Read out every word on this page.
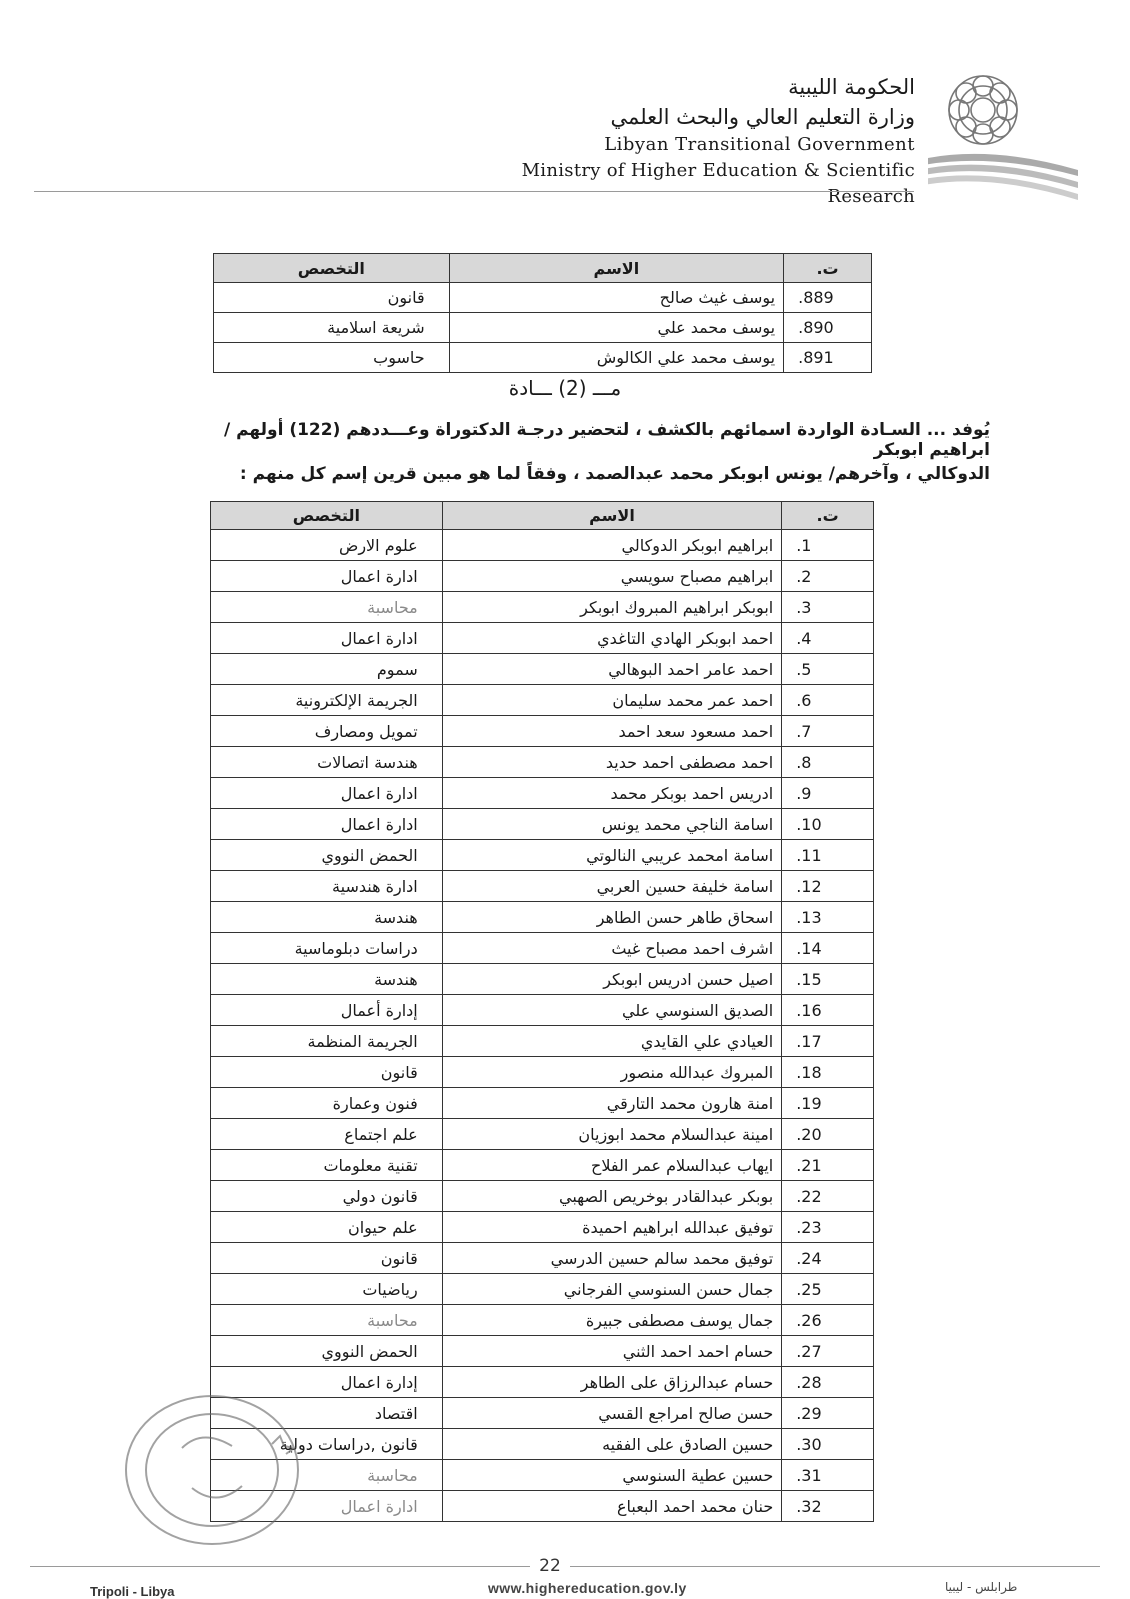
الحكومة الليبية
وزارة التعليم العالي والبحث العلمي
Libyan Transitional Government
Ministry of Higher Education & Scientific Research
ت.	الاسم	التخصص
.889	يوسف غيث صالح	قانون
.890	يوسف محمد علي	شريعة اسلامية
.891	يوسف محمد علي الكالوش	حاسوب
مـــ (2) ـــادة
يُوفد ... السـادة الواردة اسمائهم بالكشف ، لتحضير درجـة الدكتوراة وعـــددهم (122) أولهم / ابراهيم ابوبكر
الدوكالي ، وآخرهم/ يونس ابوبكر محمد عبدالصمد ، وفقاً لما هو مبين قرين إسم كل منهم :
ت.	الاسم	التخصص
.1	ابراهيم ابوبكر الدوكالي	علوم الارض
.2	ابراهيم مصباح سويسي	ادارة اعمال
.3	ابوبكر ابراهيم المبروك ابوبكر	محاسبة
.4	احمد ابوبكر الهادي التاغدي	ادارة اعمال
.5	احمد عامر احمد البوهالي	سموم
.6	احمد عمر محمد سليمان	الجريمة الإلكترونية
.7	احمد مسعود سعد احمد	تمويل ومصارف
.8	احمد مصطفى احمد حديد	هندسة اتصالات
.9	ادريس احمد بوبكر محمد	ادارة اعمال
.10	اسامة الناجي محمد يونس	ادارة اعمال
.11	اسامة امحمد عريبي النالوتي	الحمض النووي
.12	اسامة خليفة حسين العربي	ادارة هندسية
.13	اسحاق طاهر حسن الطاهر	هندسة
.14	اشرف احمد مصباح غيث	دراسات دبلوماسية
.15	اصيل حسن ادريس ابوبكر	هندسة
.16	الصديق السنوسي علي	إدارة أعمال
.17	العيادي علي القايدي	الجريمة المنظمة
.18	المبروك عبدالله منصور	قانون
.19	امنة هارون محمد التارقي	فنون وعمارة
.20	امينة عبدالسلام محمد ابوزيان	علم اجتماع
.21	ايهاب عبدالسلام عمر الفلاح	تقنية معلومات
.22	بوبكر عبدالقادر بوخريص الصهبي	قانون دولي
.23	توفيق عبدالله ابراهيم احميدة	علم حيوان
.24	توفيق محمد سالم حسين الدرسي	قانون
.25	جمال حسن السنوسي الفرجاني	رياضيات
.26	جمال يوسف مصطفى جبيرة	محاسبة
.27	حسام احمد احمد الثني	الحمض النووي
.28	حسام عبدالرزاق على الطاهر	إدارة اعمال
.29	حسن صالح امراجع القسي	اقتصاد
.30	حسين الصادق على الفقيه	قانون ,دراسات دولية
.31	حسين عطية السنوسي	محاسبة
.32	حنان محمد احمد البعباع	ادارة اعمال
22
Tripoli - Libya	www.highereducation.gov.ly	طرابلس - ليبيا
